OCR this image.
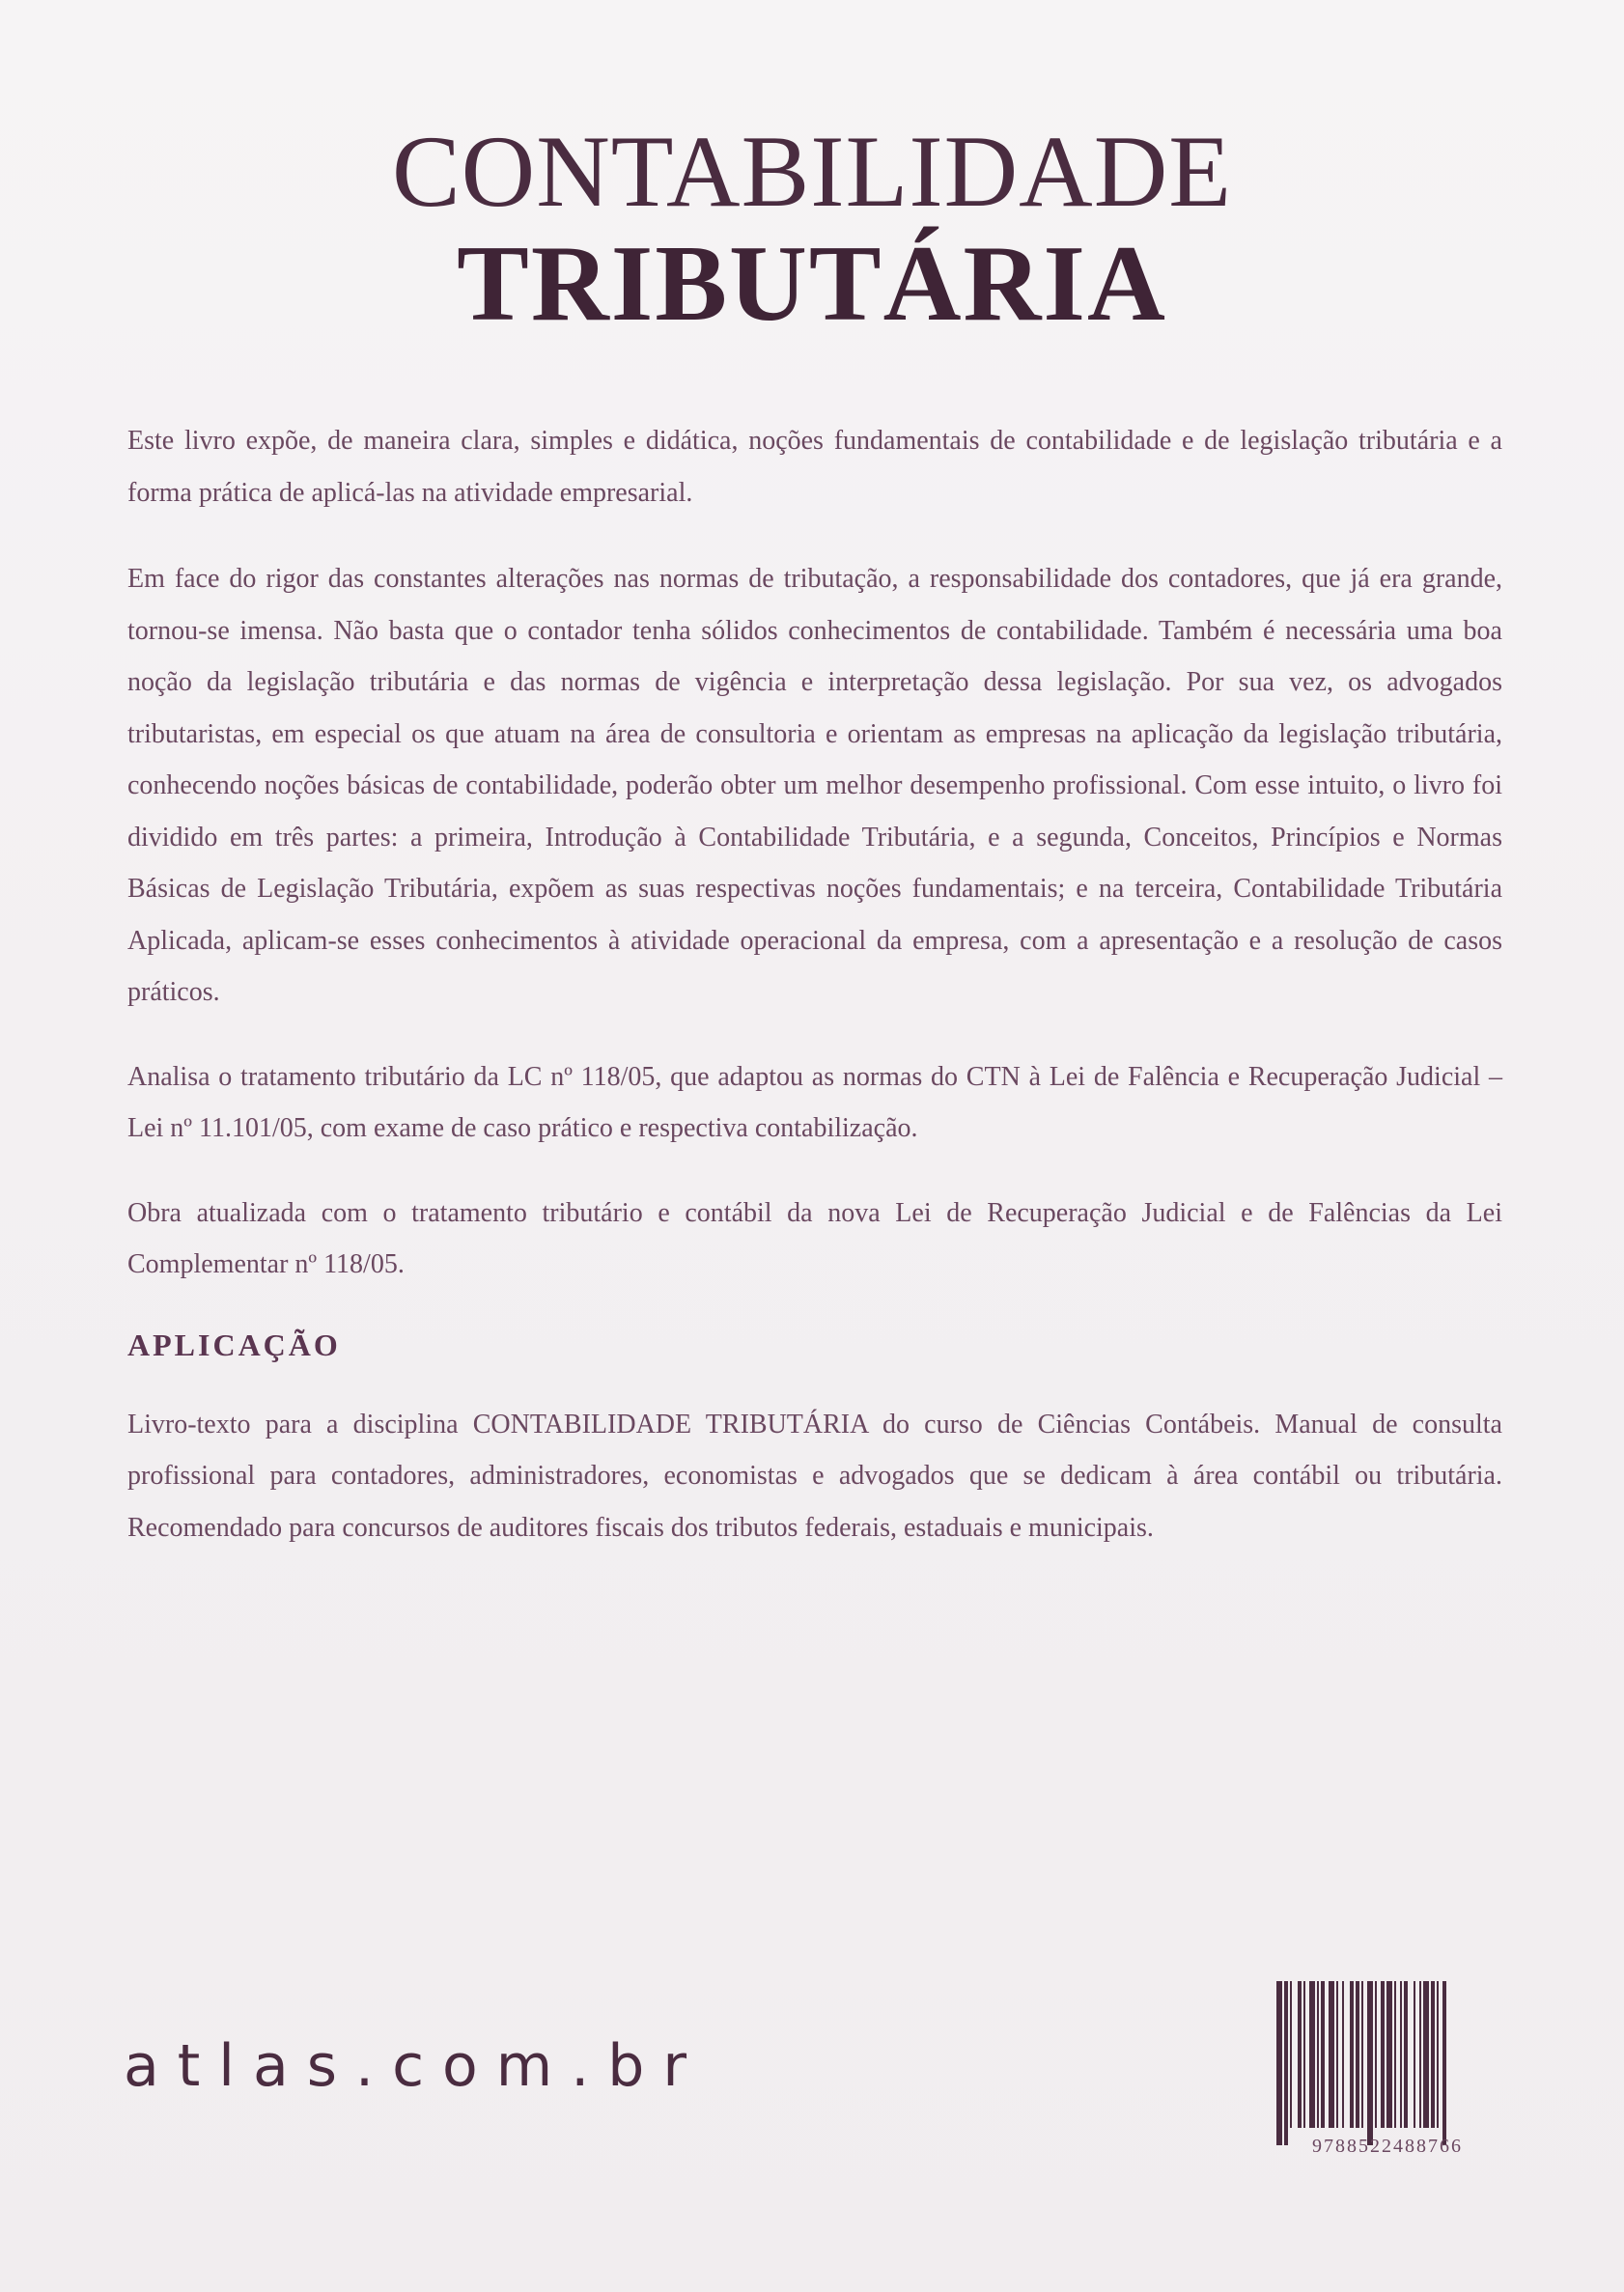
CONTABILIDADE
TRIBUTÁRIA

Este livro expõe, de maneira clara, simples e didática, noções fundamentais de contabilidade e de legislação tributária e a forma prática de aplicá-las na atividade empresarial.

Em face do rigor das constantes alterações nas normas de tributação, a responsabilidade dos contadores, que já era grande, tornou-se imensa. Não basta que o contador tenha sólidos conhecimentos de contabilidade. Também é necessária uma boa noção da legislação tributária e das normas de vigência e interpretação dessa legislação. Por sua vez, os advogados tributaristas, em especial os que atuam na área de consultoria e orientam as empresas na aplicação da legislação tributária, conhecendo noções básicas de contabilidade, poderão obter um melhor desempenho profissional. Com esse intuito, o livro foi dividido em três partes: a primeira, Introdução à Contabilidade Tributária, e a segunda, Conceitos, Princípios e Normas Básicas de Legislação Tributária, expõem as suas respectivas noções fundamentais; e na terceira, Contabilidade Tributária Aplicada, aplicam-se esses conhecimentos à atividade operacional da empresa, com a apresentação e a resolução de casos práticos.

Analisa o tratamento tributário da LC nº 118/05, que adaptou as normas do CTN à Lei de Falência e Recuperação Judicial – Lei nº 11.101/05, com exame de caso prático e respectiva contabilização.

Obra atualizada com o tratamento tributário e contábil da nova Lei de Recuperação Judicial e de Falências da Lei Complementar nº 118/05.

APLICAÇÃO

Livro-texto para a disciplina CONTABILIDADE TRIBUTÁRIA do curso de Ciências Contábeis. Manual de consulta profissional para contadores, administradores, economistas e advogados que se dedicam à área contábil ou tributária. Recomendado para concursos de auditores fiscais dos tributos federais, estaduais e municipais.

atlas.com.br
9788522488766
